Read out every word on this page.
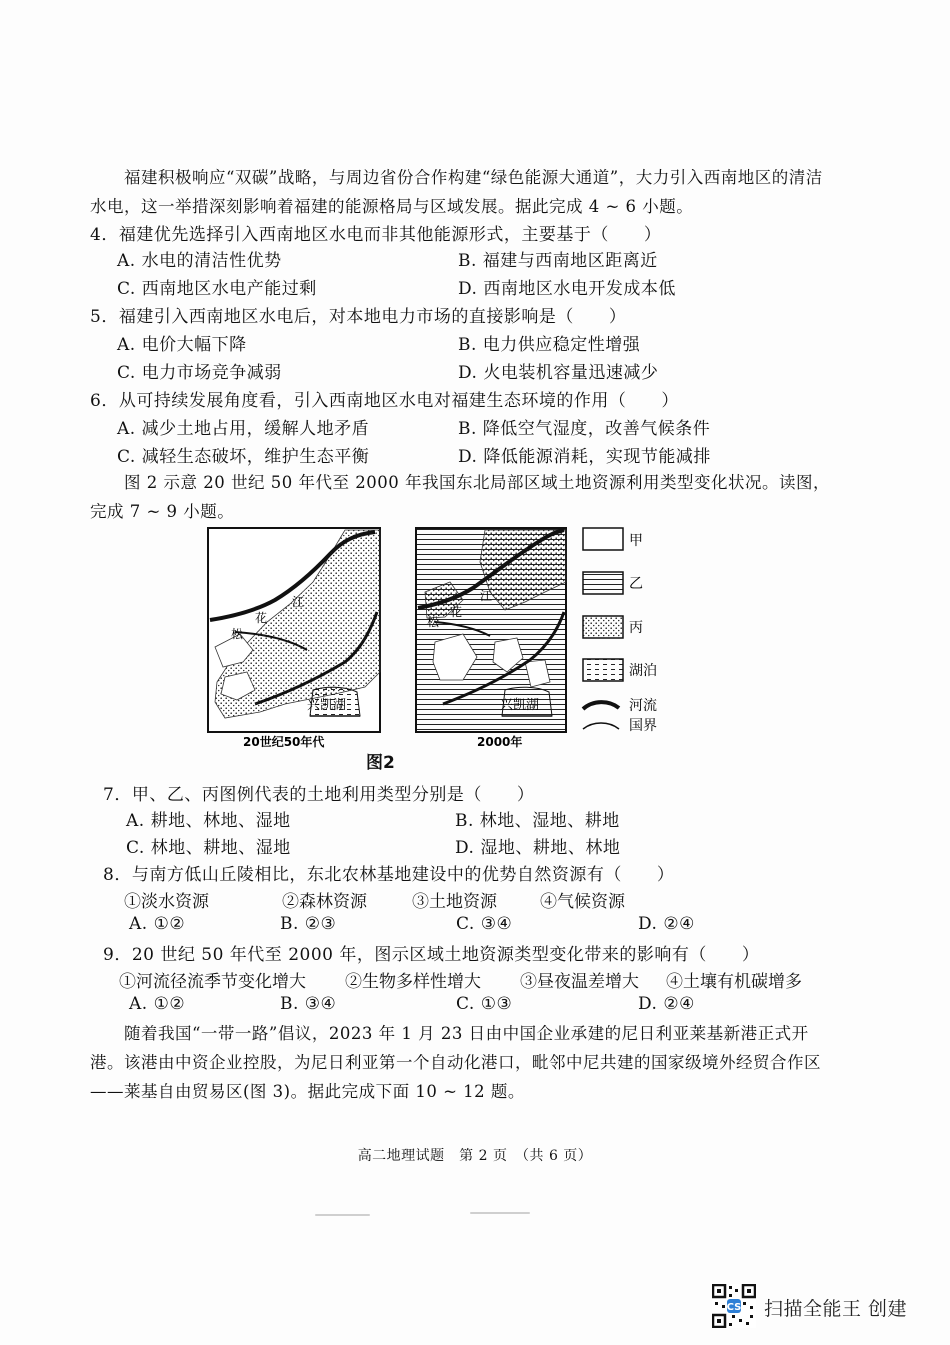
福建积极响应“双碳”战略，与周边省份合作构建“绿色能源大通道”，大力引入西南地区的清洁水电，这一举措深刻影响着福建的能源格局与区域发展。据此完成 4 ~ 6 小题。

4．福建优先选择引入西南地区水电而非其他能源形式，主要基于（　　）
A. 水电的清洁性优势	B. 福建与西南地区距离近
C. 西南地区水电产能过剩	D. 西南地区水电开发成本低
5．福建引入西南地区水电后，对本地电力市场的直接影响是（　　）
A. 电价大幅下降	B. 电力供应稳定性增强
C. 电力市场竞争减弱	D. 火电装机容量迅速减少
6．从可持续发展角度看，引入西南地区水电对福建生态环境的作用（　　）
A. 减少土地占用，缓解人地矛盾	B. 降低空气湿度，改善气候条件
C. 减轻生态破坏，维护生态平衡	D. 降低能源消耗，实现节能减排

图 2 示意 20 世纪 50 年代至 2000 年我国东北局部区域土地资源利用类型变化状况。读图，完成 7 ~ 9 小题。

江
花
松
兴凯湖
20世纪50年代
江
花
松
兴凯湖
2000年
甲
乙
丙
湖泊
河流
国界
图2
7．甲、乙、丙图例代表的土地利用类型分别是（　　）
A. 耕地、林地、湿地	B. 林地、湿地、耕地
C. 林地、耕地、湿地	D. 湿地、耕地、林地
8．与南方低山丘陵相比，东北农林基地建设中的优势自然资源有（　　）
①淡水资源	②森林资源	③土地资源	④气候资源
A. ①②	B. ②③	C. ③④	D. ②④
9．20 世纪 50 年代至 2000 年，图示区域土地资源类型变化带来的影响有（　　）
①河流径流季节变化增大 ②生物多样性增大 ③昼夜温差增大 ④土壤有机碳增多
A. ①②	B. ③④	C. ①③	D. ②④

随着我国“一带一路”倡议，2023 年 1 月 23 日由中国企业承建的尼日利亚莱基新港正式开港。该港由中资企业控股，为尼日利亚第一个自动化港口，毗邻中尼共建的国家级境外经贸合作区——莱基自由贸易区(图 3)。据此完成下面 10 ~ 12 题。

高二地理试题　第 2 页　（共 6 页）
CS 扫描全能王 创建
